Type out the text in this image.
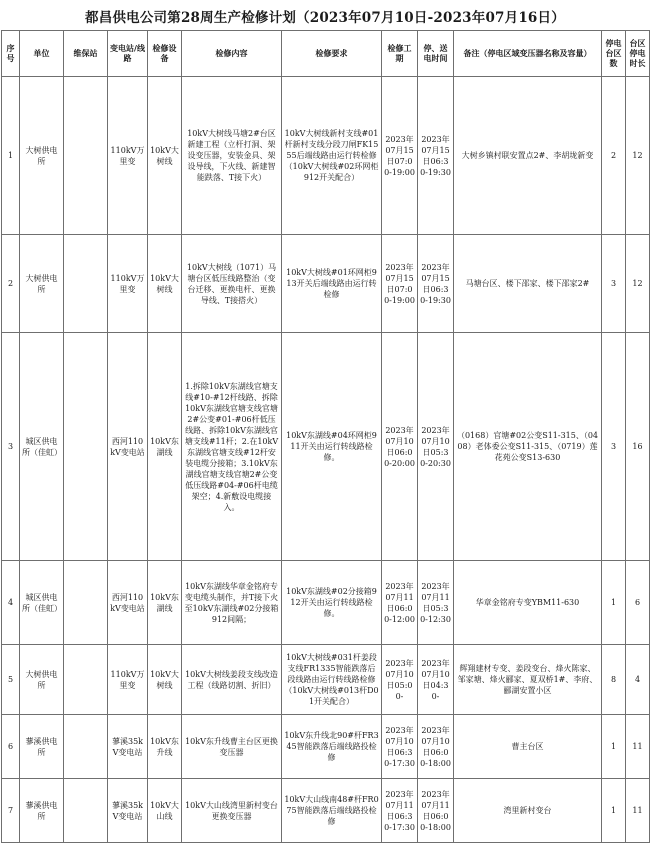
都昌供电公司第28周生产检修计划（2023年07月10日-2023年07月16日）
序号	单位	维保站	变电站/线路	检修设备	检修内容	检修要求	检修工期	停、送电时间	备注（停电区域变压器名称及容量）	停电台区数	台区停电时长
1	大树供电所		110kV万里变	10kV大树线	10kV大树线马塘2#台区新建工程（立杆打洞、架设变压器，安装金具、架设导线，下火线、新建智能跌落、T接下火）	10kV大树线新村支线#01杆新村支线分段刀闸FK1555后端线路由运行转检修（10kV大树线#02环网柜912开关配合）	2023年07月15日07:00-19:00	2023年07月15日06:30-19:30	大树乡镇村联安置点2#、李胡垅新变	2	12
2	大树供电所		110kV万里变	10kV大树线	10kV大树线（1071）马塘台区低压线路整治（变台迁移、更换电杆、更换导线、T接搭火）	10kV大树线#01环网柜913开关后端线路由运行转检修	2023年07月15日07:00-19:00	2023年07月15日06:30-19:30	马塘台区、楼下邵家、楼下邵家2#	3	12
3	城区供电所（佳虹）		西河110kV变电站	10kV东湖线	1.拆除10kV东湖线官塘支线#10-#12杆线路、拆除10kV东湖线官塘支线官塘2#公变#01-#06杆低压线路、拆除10kV东湖线官塘支线#11杆；2.在10kV东湖线官塘支线#12杆安装电缆分接箱；3.10kV东湖线官塘支线官塘2#公变低压线路#04-#06杆电缆架空；4.新敷设电缆接入。	10kV东湖线#04环网柜911开关由运行转线路检修。	2023年07月10日06:00-20:00	2023年07月10日05:30-20:30	（0168）官塘#02公变S11-315、（0408）老体委公变S11-315、（0719）莲花苑公变S13-630	3	16
4	城区供电所（佳虹）		西河110kV变电站	10kV东湖线	10kV东湖线华章金铭府专变电缆头制作，并T接下火至10kV东湖线#02分接箱912间隔；	10kV东湖线#02分接箱912开关由运行转线路检修。	2023年07月11日06:00-12:00	2023年07月11日05:30-12:30	华章金铭府专变YBM11-630	1	6
5	大树供电所		110kV万里变	10kV大树线	10kV大树线姜段支线改造工程（线路切割、折旧）	10kV大树线#031杆姜段支线FR1335智能跌落后段线路由运行转线路检修（10kV大树线#013杆D01开关配合）	2023年07月10日05:00-	2023年07月10日04:30-	辉翔建材专变、姜段变台、烽火陈家、邹家塘、烽火郦家、夏双桥1#、李府、郦湖安置小区	8	4
6	蓼溪供电所		蓼溪35kV变电站	10kV东升线	10kV东升线曹主台区更换变压器	10kV东升线北90#杆FR345智能跌落后端线路投检修	2023年07月10日06:30-17:30	2023年07月10日06:00-18:00	曹主台区	1	11
7	蓼溪供电所		蓼溪35kV变电站	10kV大山线	10kV大山线湾里新村变台更换变压器	10kV大山线南48#杆FR075智能跌落后端线路投检修	2023年07月11日06:30-17:30	2023年07月11日06:00-18:00	湾里新村变台	1	11
